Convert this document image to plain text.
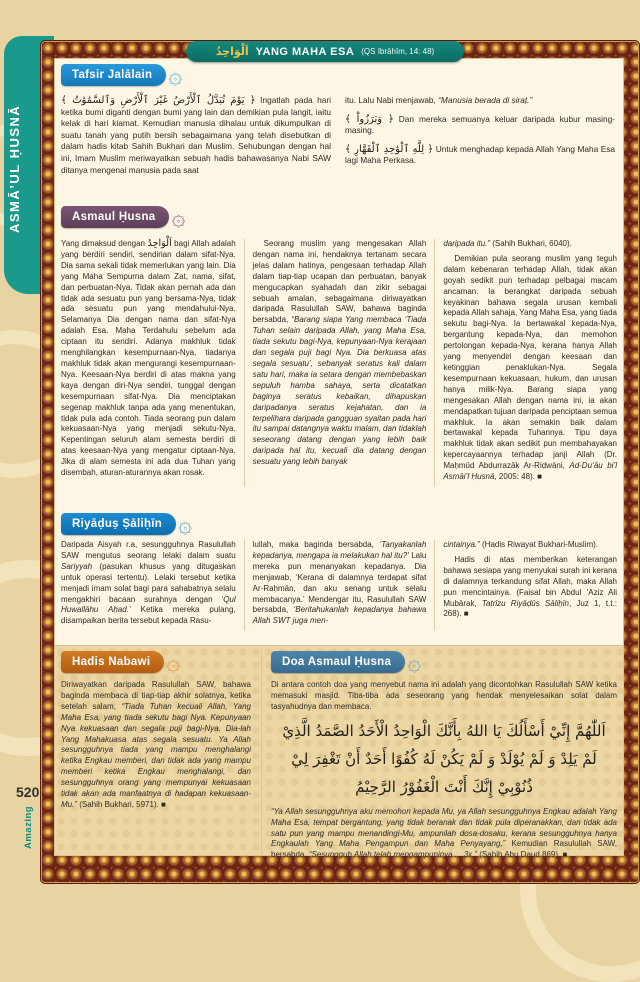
ASMĀ’UL ḤUSNĀ
اَلْوَاحِدُ YANG MAHA ESA (QS Ibrāhīm, 14: 48)
Tafsir Jalālain ۞

﴿ يَوْمَ تُبَدَّلُ ٱلْأَرْضُ غَيْرَ ٱلْأَرْضِ وَٱلسَّمَٰوَٰتُ ﴾ Ingatlah pada hari ketika bumi diganti dengan bumi yang lain dan demikian pula langit, iaitu kelak di hari kiamat. Kemudian manusia dihalau untuk dikumpulkan di suatu tanah yang putih bersih sebagaimana yang telah disebutkan di dalam hadis kitab Sahih Bukhari dan Muslim. Sehubungan dengan hal ini, Imam Muslim meriwayatkan sebuah hadis bahawasanya Nabi SAW ditanya mengenai manusia pada saat

itu. Lalu Nabi menjawab, “Manusia berada di ṣiraṭ.”

﴿ وَبَرَزُواْ ﴾ Dan mereka semuanya keluar daripada kubur masing-masing.

﴿ لِلَّهِ ٱلْوَٰحِدِ ٱلْقَهَّارِ ﴾ Untuk menghadap kepada Allah Yang Maha Esa lagi Maha Perkasa.

Asmaul Ḥusna ۞

Yang dimaksud dengan اَلْوَاحِدُ bagi Allah adalah yang berdiri sendiri, sendirian dalam sifat-Nya. Dia sama sekali tidak memerlukan yang lain. Dia yang Maha Sempurna dalam Zat, nama, sifat, dan perbuatan-Nya. Tidak akan pernah ada dan tidak ada sesuatu pun yang bersama-Nya, tidak ada sesuatu pun yang mendahului-Nya. Selamanya Dia dengan nama dan sifat-Nya adalah Esa. Maha Terdahulu sebelum ada ciptaan itu sendiri. Adanya makhluk tidak menghilangkan kesempurnaan-Nya, tiadanya makhluk tidak akan mengurangi kesempurnaan-Nya. Keesaan-Nya berdiri di atas makna yang kaya dengan diri-Nya sendiri, tunggal dengan kesempurnaan sifat-Nya. Dia menciptakan segenap makhluk tanpa ada yang menentukan, tidak pula ada contoh. Tiada seorang pun dalam kekuasaan-Nya yang menjadi sekutu-Nya. Kepentingan seluruh alam semesta berdiri di atas keesaan-Nya yang mengatur ciptaan-Nya. Jika di alam semesta ini ada dua Tuhan yang disembah, aturan-aturannya akan rosak.

Seorang muslim yang mengesakan Allah dengan nama ini, hendaknya tertanam secara jelas dalam hatinya, pengesaan terhadap Allah dalam tiap-tiap ucapan dan perbuatan, banyak mengucapkan syahadah dan zikir sebagai sebuah amalan, sebagaimana diriwayatkan daripada Rasulullah SAW, bahawa baginda bersabda, “Barang siapa Yang membaca ‘Tiada Tuhan selain daripada Allah, yang Maha Esa, tiada sekutu bagi-Nya, kepunyaan-Nya kerajaan dan segala puji bagi Nya. Dia berkuasa atas segala sesuatu’, sebanyak seratus kali dalam satu hari, maka ia setara dengan membebaskan sepuluh hamba sahaya, serta dicatatkan baginya seratus kebaikan, dihapuskan daripadanya seratus kejahatan, dan ia terpelihara daripada gangguan syaitan pada hari itu sampai datangnya waktu malam, dan tidaklah seseorang datang dengan yang lebih baik daripada hal itu, kecuali dia datang dengan sesuatu yang lebih banyak

daripada itu.” (Sahih Bukhari, 6040).

Demikian pula seorang muslim yang teguh dalam kebenaran terhadap Allah, tidak akan goyah sedikit pun terhadap pelbagai macam ancaman. Ia berangkat daripada sebuah keyakinan bahawa segala urusan kembali kepada Allah sahaja, Yang Maha Esa, yang tiada sekutu bagi-Nya. Ia bertawakal kepada-Nya, bergantung kepada-Nya, dan memohon pertolongan kepada-Nya, kerana hanya Allah yang menyendiri dengan keesaan dan ketinggian penaklukan-Nya. Segala kesempurnaan kekuasaan, hukum, dan urusan hanya milik-Nya. Barang siapa yang mengesakan Allah dengan nama ini, ia akan mendapatkan tujuan daripada penciptaan semua makhluk. Ia akan semakin baik dalam bertawakal kepada Tuhannya. Tipu daya makhluk tidak akan sedikit pun membahayakan kepercayaannya terhadap janji Allah (Dr. Maḥmūd Abdurrazāk Ar-Riḍwāni, Ad-Du‘āu bi’l Asmāi’l Ḥusnā, 2005: 48). ■

Riyāḍuṣ Ṣāliḥīn ۞

Daripada Aisyah r.a, sesungguhnya Rasulullah SAW mengutus seorang lelaki dalam suatu Sariyyah (pasukan khusus yang ditugaskan untuk operasi tertentu). Lelaki tersebut ketika menjadi imam solat bagi para sahabatnya selalu mengakhiri bacaan surahnya dengan ‘Qul Huwallāhu Aḥad.’ Ketika mereka pulang, disampaikan berita tersebut kepada Rasu-

lullah, maka baginda bersabda, ‘Tanyakanlah kepadanya, mengapa ia melakukan hal itu?’ Lalu mereka pun menanyakan kepadanya. Dia menjawab, ‘Kerana di dalamnya terdapat sifat Ar-Raḥmān, dan aku senang untuk selalu membacanya.’ Mendengar itu, Rasulullah SAW bersabda, ‘Beritahukanlah kepadanya bahawa Allah SWT juga men-

cintainya.” (Hadis Riwayat Bukhari-Muslim).

Hadis di atas memberikan keterangan bahawa sesiapa yang menyukai surah ini kerana di dalamnya terkandung sifat Allah, maka Allah pun mencintainya. (Faisal bin Abdul ‘Aziz Ali Mubārak, Taṭrīzu Riyāḍūṣ Ṣāliḥīn, Juz 1, t.t.: 268). ■

Hadis Nabawi ۞

Diriwayatkan daripada Rasulullah SAW, bahawa baginda membaca di tiap-tiap akhir solatnya, ketika setelah salam, “Tiada Tuhan kecuali Allah, Yang Maha Esa, yang tiada sekutu bagi Nya. Kepunyaan Nya kekuasaan dan segala puji bagi-Nya. Dia-lah Yang Mahakuasa atas segala sesuatu. Ya Allah sesungguhnya tiada yang mampu menghalangi ketika Engkau memberi, dan tidak ada yang mampu memberi ketika Engkau menghalangi, dan sesungguhnya orang yang mempunyai kekuasaan tidak akan ada manfaatnya di hadapan kekuasaan-Mu.” (Sahih Bukhari, 5971). ■

Doa Asmaul Ḥusna ۞

Di antara contoh doa yang menyebut nama ini adalah yang dicontohkan Rasulullah SAW ketika memasuki masjid. Tiba-tiba ada seseorang yang hendak menyelesaikan solat dalam tasyahudnya dan membaca.

اَللّٰهُمَّ إِنِّيْ أَسْأَلُكَ يَا اللهُ بِأَنَّكَ الْوَاحِدُ الْأَحَدُ الصَّمَدُ الَّذِيْ لَمْ يَلِدْ وَ لَمْ يُوْلَدْ وَ لَمْ يَكُنْ لَهُ كُفُوًا أَحَدٌ أَنْ تَغْفِرَ لِيْ ذُنُوْبِيْ إِنَّكَ أَنْتَ الْغَفُوْرُ الرَّحِيْمُ

“Ya Allah sesungguhnya aku memohon kepada Mu, ya Allah sesungguhnya Engkau adalah Yang Maha Esa, tempat bergantung, yang tidak beranak dan tidak pula diperanakkan, dan tidak ada satu pun yang mampu menandingi-Mu, ampunilah dosa-dosaku, kerana sesungguhnya hanya Engkaulah Yang Maha Pengampun dan Maha Penyayang,” Kemudian Rasulullah SAW, bersabda, “Sesungguh Allah telah mengampuninya ....3x.” (Ṣahih Abu Daud 869). ■

520
Amazing
